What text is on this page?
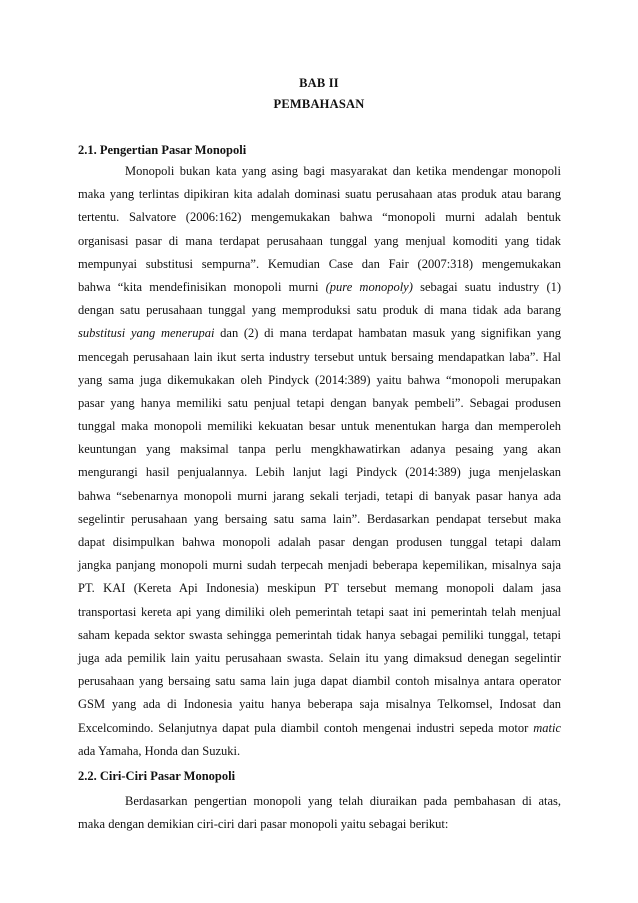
BAB II
PEMBAHASAN
2.1. Pengertian Pasar Monopoli
Monopoli bukan kata yang asing bagi masyarakat dan ketika mendengar monopoli
maka yang terlintas dipikiran kita adalah dominasi suatu perusahaan atas produk atau barang
tertentu. Salvatore (2006:162) mengemukakan bahwa “monopoli murni adalah bentuk
organisasi pasar di mana terdapat perusahaan tunggal yang menjual komoditi yang tidak
mempunyai substitusi sempurna”. Kemudian Case dan Fair (2007:318) mengemukakan
bahwa “kita mendefinisikan monopoli murni (pure monopoly) sebagai suatu industry (1)
dengan satu perusahaan tunggal yang memproduksi satu produk di mana tidak ada barang
substitusi yang menerupai dan (2) di mana terdapat hambatan masuk yang signifikan yang
mencegah perusahaan lain ikut serta industry tersebut untuk bersaing mendapatkan laba”. Hal
yang sama juga dikemukakan oleh Pindyck (2014:389) yaitu bahwa “monopoli merupakan
pasar yang hanya memiliki satu penjual tetapi dengan banyak pembeli”. Sebagai produsen
tunggal maka monopoli memiliki kekuatan besar untuk menentukan harga dan memperoleh
keuntungan yang maksimal tanpa perlu mengkhawatirkan adanya pesaing yang akan
mengurangi hasil penjualannya. Lebih lanjut lagi Pindyck (2014:389) juga menjelaskan
bahwa “sebenarnya monopoli murni jarang sekali terjadi, tetapi di banyak pasar hanya ada
segelintir perusahaan yang bersaing satu sama lain”. Berdasarkan pendapat tersebut maka
dapat disimpulkan bahwa monopoli adalah pasar dengan produsen tunggal tetapi dalam
jangka panjang monopoli murni sudah terpecah menjadi beberapa kepemilikan, misalnya saja
PT. KAI (Kereta Api Indonesia) meskipun PT tersebut memang monopoli dalam jasa
transportasi kereta api yang dimiliki oleh pemerintah tetapi saat ini pemerintah telah menjual
saham kepada sektor swasta sehingga pemerintah tidak hanya sebagai pemiliki tunggal, tetapi
juga ada pemilik lain yaitu perusahaan swasta. Selain itu yang dimaksud denegan segelintir
perusahaan yang bersaing satu sama lain juga dapat diambil contoh misalnya antara operator
GSM yang ada di Indonesia yaitu hanya beberapa saja misalnya Telkomsel, Indosat dan
Excelcomindo. Selanjutnya dapat pula diambil contoh mengenai industri sepeda motor matic
ada Yamaha, Honda dan Suzuki.
2.2. Ciri-Ciri Pasar Monopoli
Berdasarkan pengertian monopoli yang telah diuraikan pada pembahasan di atas,
maka dengan demikian ciri-ciri dari pasar monopoli yaitu sebagai berikut:
